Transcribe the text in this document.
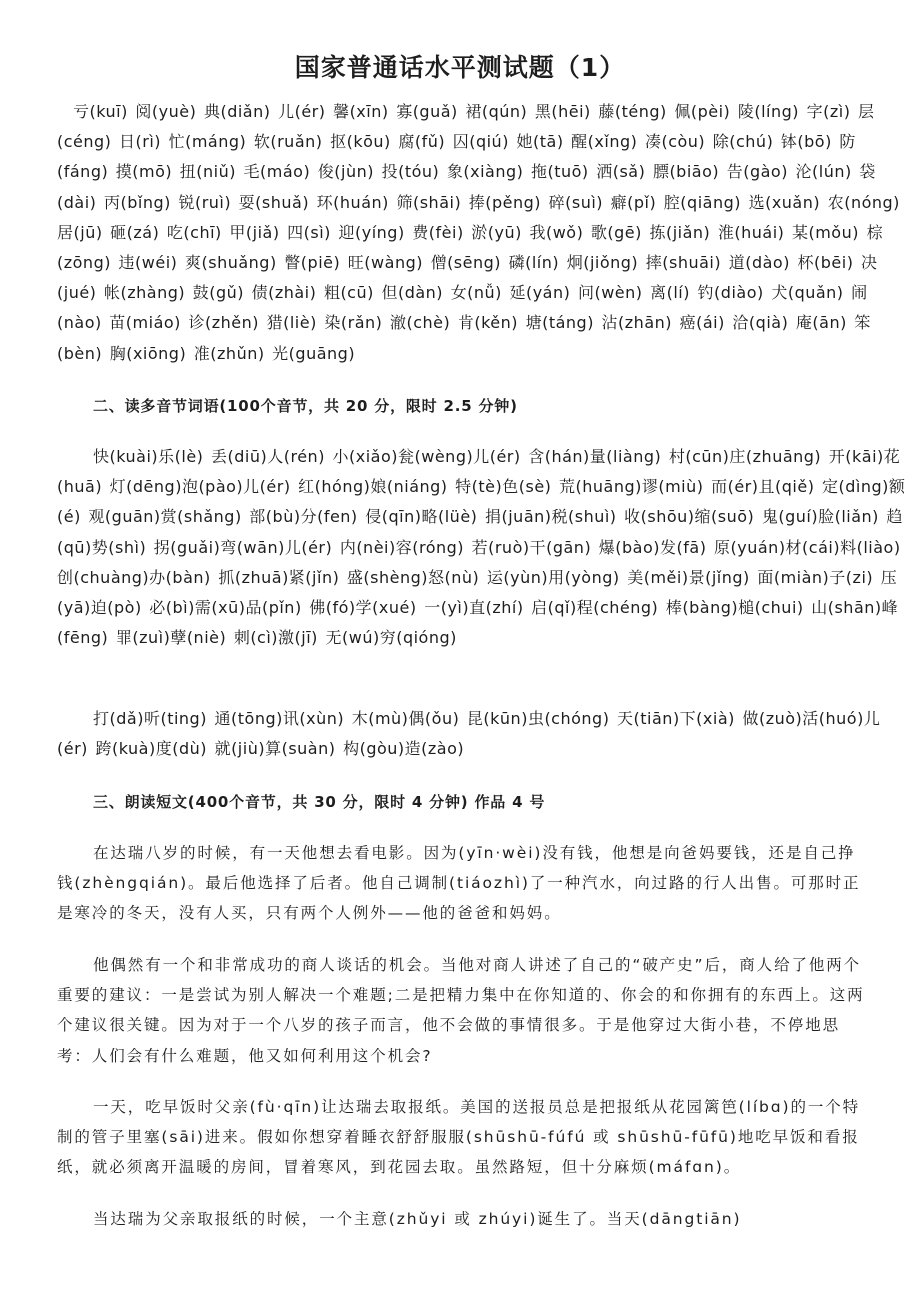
国家普通话水平测试题（1）

亏(kuī) 阅(yuè) 典(diǎn) 儿(ér) 馨(xīn) 寡(guǎ) 裙(qún) 黑(hēi) 藤(téng) 佩(pèi) 陵(líng) 字(zì) 层(céng) 日(rì) 忙(máng) 软(ruǎn) 抠(kōu) 腐(fǔ) 囚(qiú) 她(tā) 醒(xǐng) 凑(còu) 除(chú) 钵(bō) 防(fáng) 摸(mō) 扭(niǔ) 毛(máo) 俊(jùn) 投(tóu) 象(xiàng) 拖(tuō) 洒(sǎ) 膘(biāo) 告(gào) 沦(lún) 袋(dài) 丙(bǐng) 锐(ruì) 耍(shuǎ) 环(huán) 筛(shāi) 捧(pěng) 碎(suì) 癖(pǐ) 腔(qiāng) 选(xuǎn) 农(nóng) 居(jū) 砸(zá) 吃(chī) 甲(jiǎ) 四(sì) 迎(yíng) 费(fèi) 淤(yū) 我(wǒ) 歌(gē) 拣(jiǎn) 淮(huái) 某(mǒu) 棕(zōng) 违(wéi) 爽(shuǎng) 瞥(piē) 旺(wàng) 僧(sēng) 磷(lín) 炯(jiǒng) 摔(shuāi) 道(dào) 杯(bēi) 决(jué) 帐(zhàng) 鼓(gǔ) 债(zhài) 粗(cū) 但(dàn) 女(nǚ) 延(yán) 问(wèn) 离(lí) 钓(diào) 犬(quǎn) 闹(nào) 苗(miáo) 诊(zhěn) 猎(liè) 染(rǎn) 澈(chè) 肯(kěn) 塘(táng) 沾(zhān) 癌(ái) 洽(qià) 庵(ān) 笨(bèn) 胸(xiōng) 准(zhǔn) 光(guāng)

二、读多音节词语(100个音节，共 20 分，限时 2.5 分钟)

快(kuài)乐(lè) 丢(diū)人(rén) 小(xiǎo)瓮(wèng)儿(ér) 含(hán)量(liàng) 村(cūn)庄(zhuāng) 开(kāi)花(huā) 灯(dēng)泡(pào)儿(ér) 红(hóng)娘(niáng) 特(tè)色(sè) 荒(huāng)谬(miù) 而(ér)且(qiě) 定(dìng)额(é) 观(guān)赏(shǎng) 部(bù)分(fen) 侵(qīn)略(lüè) 捐(juān)税(shuì) 收(shōu)缩(suō) 鬼(guí)脸(liǎn) 趋(qū)势(shì) 拐(guǎi)弯(wān)儿(ér) 内(nèi)容(róng) 若(ruò)干(gān) 爆(bào)发(fā) 原(yuán)材(cái)料(liào) 创(chuàng)办(bàn) 抓(zhuā)紧(jǐn) 盛(shèng)怒(nù) 运(yùn)用(yòng) 美(měi)景(jǐng) 面(miàn)子(zi) 压(yā)迫(pò) 必(bì)需(xū)品(pǐn) 佛(fó)学(xué) 一(yì)直(zhí) 启(qǐ)程(chéng) 棒(bàng)槌(chui) 山(shān)峰(fēng) 罪(zuì)孽(niè) 刺(cì)激(jī) 无(wú)穷(qióng)

打(dǎ)听(ting) 通(tōng)讯(xùn) 木(mù)偶(ǒu) 昆(kūn)虫(chóng) 天(tiān)下(xià) 做(zuò)活(huó)儿(ér) 跨(kuà)度(dù) 就(jiù)算(suàn) 构(gòu)造(zào)

三、朗读短文(400个音节，共 30 分，限时 4 分钟) 作品 4 号

在达瑞八岁的时候，有一天他想去看电影。因为(yīn·wèi)没有钱，他想是向爸妈要钱，还是自己挣钱(zhèngqián)。最后他选择了后者。他自己调制(tiáozhì)了一种汽水，向过路的行人出售。可那时正是寒冷的冬天，没有人买，只有两个人例外——他的爸爸和妈妈。

他偶然有一个和非常成功的商人谈话的机会。当他对商人讲述了自己的“破产史”后，商人给了他两个重要的建议：一是尝试为别人解决一个难题;二是把精力集中在你知道的、你会的和你拥有的东西上。这两个建议很关键。因为对于一个八岁的孩子而言，他不会做的事情很多。于是他穿过大街小巷，不停地思考：人们会有什么难题，他又如何利用这个机会?

一天，吃早饭时父亲(fù·qīn)让达瑞去取报纸。美国的送报员总是把报纸从花园篱笆(líbɑ)的一个特制的管子里塞(sāi)进来。假如你想穿着睡衣舒舒服服(shūshū-fúfú 或 shūshū-fūfū)地吃早饭和看报纸，就必须离开温暖的房间，冒着寒风，到花园去取。虽然路短，但十分麻烦(máfɑn)。

当达瑞为父亲取报纸的时候，一个主意(zhǔyi 或 zhúyi)诞生了。当天(dāngtiān)
